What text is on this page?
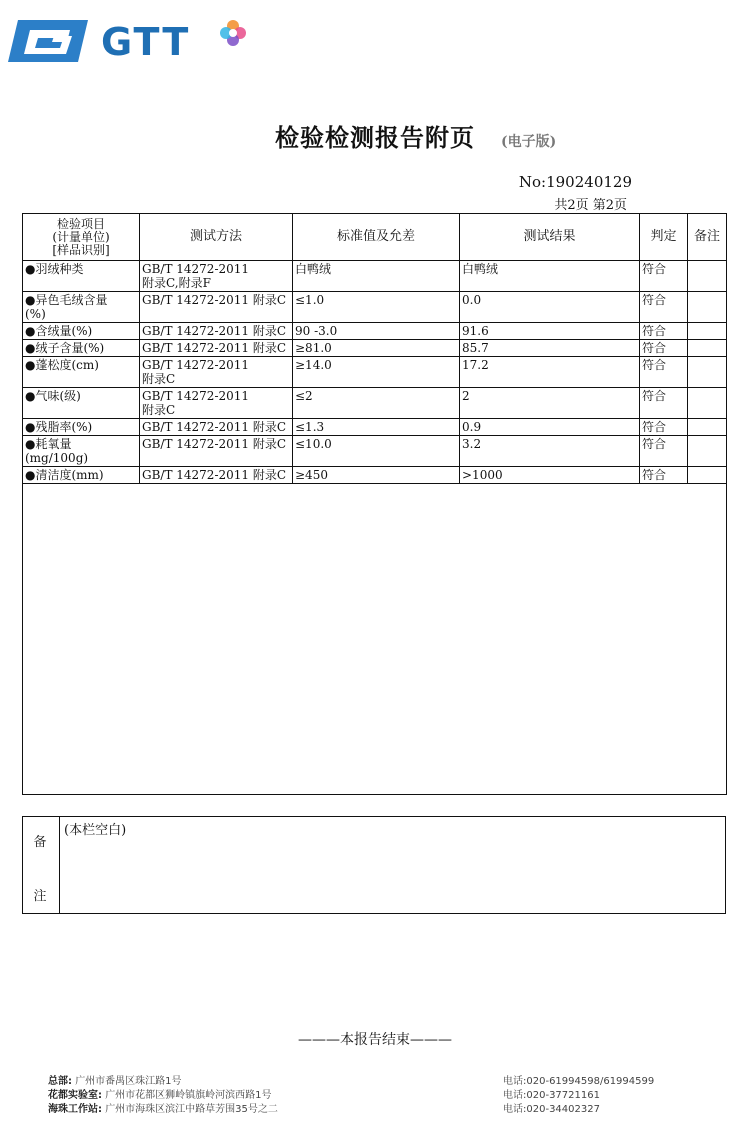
GTT
检验检测报告附页	(电子版)
No:190240129
共2页 第2页
检验项目
(计量单位)
[样品识别]	测试方法	标准值及允差	测试结果	判定	备注
●羽绒种类	GB/T 14272-2011
附录C,附录F	白鸭绒	白鸭绒	符合	
●异色毛绒含量
(%)	GB/T 14272-2011 附录C	≤1.0	0.0	符合	
●含绒量(%)	GB/T 14272-2011 附录C	90 -3.0	91.6	符合	
●绒子含量(%)	GB/T 14272-2011 附录C	≥81.0	85.7	符合	
●蓬松度(cm)	GB/T 14272-2011
附录C	≥14.0	17.2	符合	
●气味(级)	GB/T 14272-2011
附录C	≤2	2	符合	
●残脂率(%)	GB/T 14272-2011 附录C	≤1.3	0.9	符合	
●耗氧量
(mg/100g)	GB/T 14272-2011 附录C	≤10.0	3.2	符合	
●清洁度(mm)	GB/T 14272-2011 附录C	≥450	>1000	符合	

备
注
	(本栏空白)
———本报告结束———
总部: 广州市番禺区珠江路1号
花都实验室: 广州市花都区狮岭镇旗岭河滨西路1号
海珠工作站: 广州市海珠区滨江中路草芳围35号之二
电话:020-61994598/61994599
电话:020-37721161
电话:020-34402327
